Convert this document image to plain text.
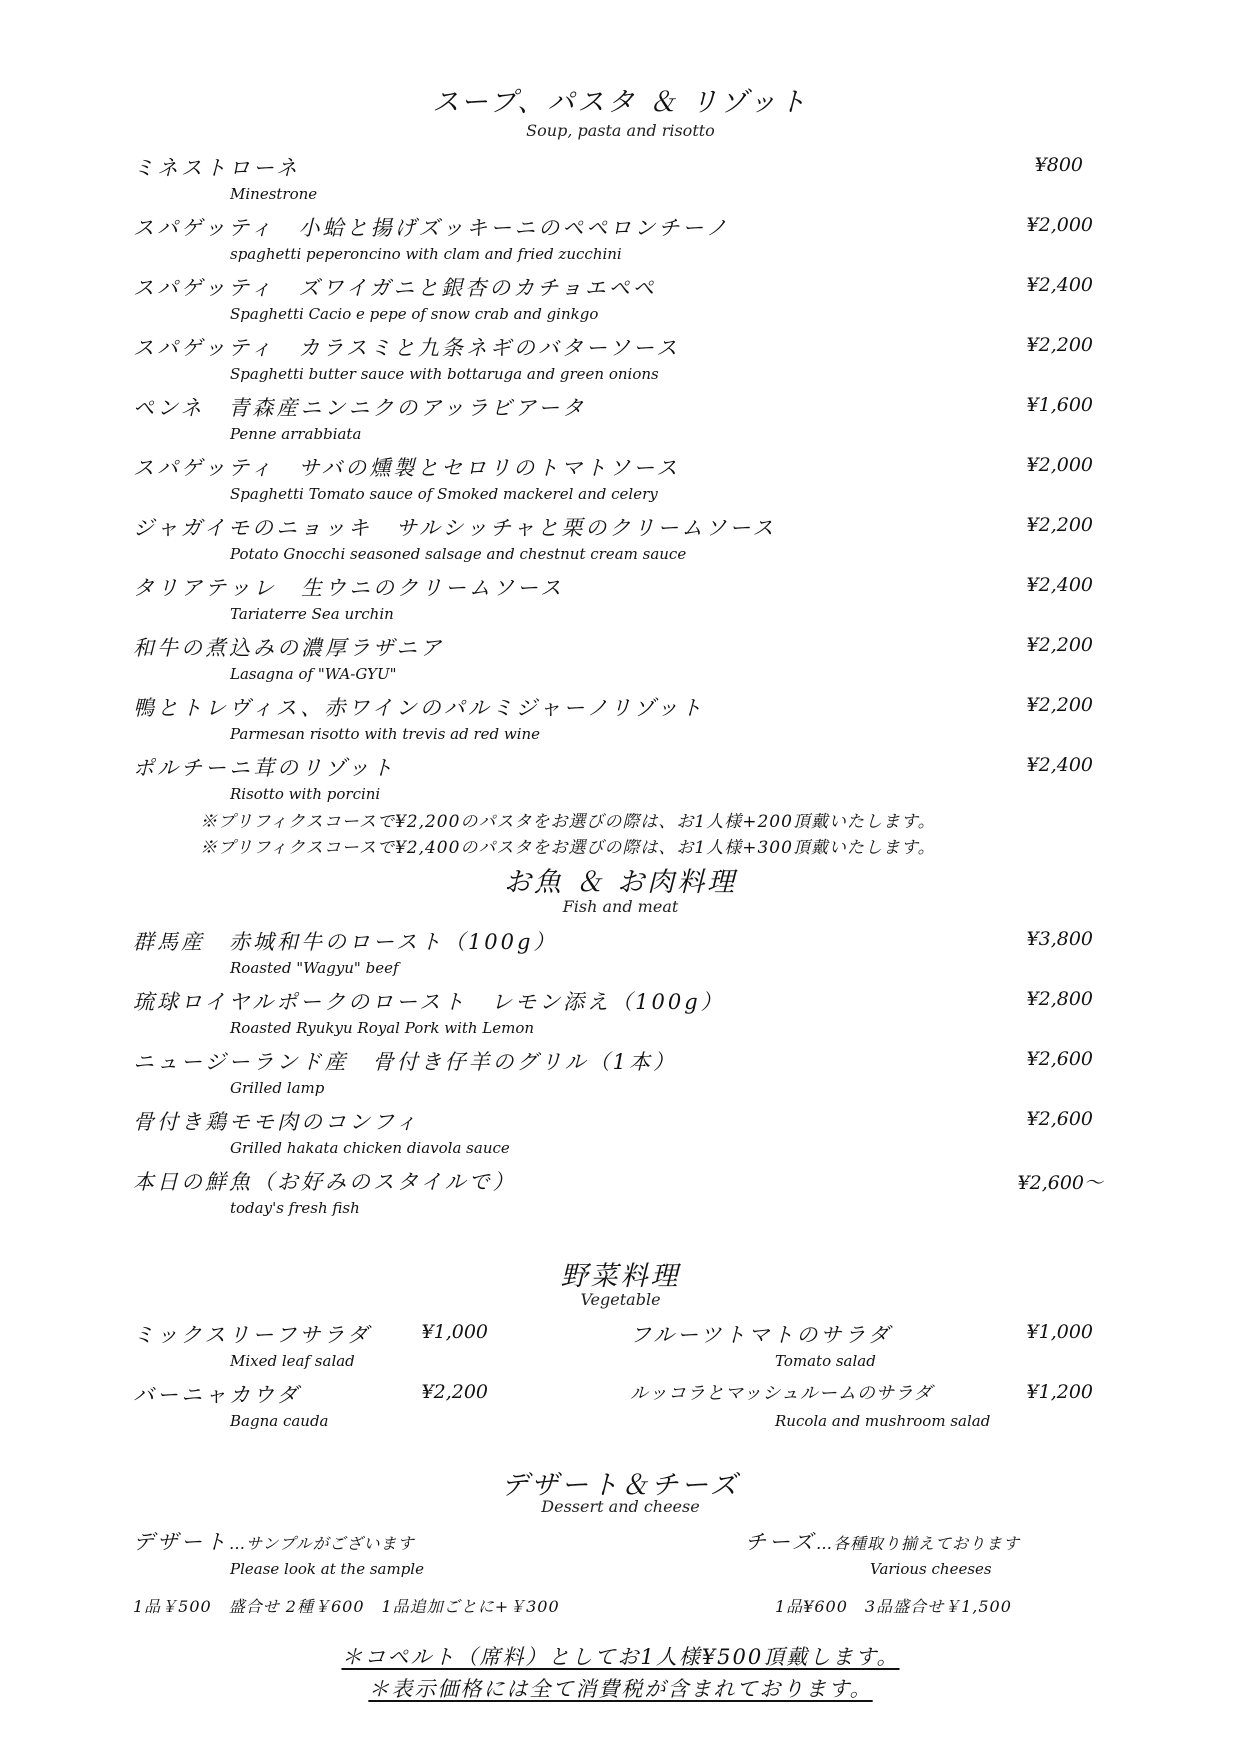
スープ、パスタ ＆ リゾット
Soup, pasta and risotto
ミネストローネ
Minestrone
¥800
スパゲッティ　小蛤と揚げズッキーニのペペロンチーノ
spaghetti peperoncino with clam and fried zucchini
¥2,000
スパゲッティ　ズワイガニと銀杏のカチョエペペ
Spaghetti Cacio e pepe of snow crab and ginkgo
¥2,400
スパゲッティ　カラスミと九条ネギのバターソース
Spaghetti butter sauce with bottaruga and green onions
¥2,200
ペンネ　青森産ニンニクのアッラビアータ
Penne arrabbiata
¥1,600
スパゲッティ　サバの燻製とセロリのトマトソース
Spaghetti Tomato sauce of Smoked mackerel and celery
¥2,000
ジャガイモのニョッキ　サルシッチャと栗のクリームソース
Potato Gnocchi seasoned salsage and chestnut cream sauce
¥2,200
タリアテッレ　生ウニのクリームソース
Tariaterre Sea urchin
¥2,400
和牛の煮込みの濃厚ラザニア
Lasagna of "WA-GYU"
¥2,200
鴨とトレヴィス、赤ワインのパルミジャーノリゾット
Parmesan risotto with trevis ad red wine
¥2,200
ポルチーニ茸のリゾット
Risotto with porcini
¥2,400
※プリフィクスコースで¥2,200のパスタをお選びの際は、お1人様+200頂戴いたします。
※プリフィクスコースで¥2,400のパスタをお選びの際は、お1人様+300頂戴いたします。
お魚 ＆ お肉料理
Fish and meat
群馬産　赤城和牛のロースト（100g）
Roasted "Wagyu" beef
¥3,800
琉球ロイヤルポークのロースト　レモン添え（100g）
Roasted Ryukyu Royal Pork with Lemon
¥2,800
ニュージーランド産　骨付き仔羊のグリル（1本）
Grilled lamp
¥2,600
骨付き鶏モモ肉のコンフィ
Grilled hakata chicken diavola sauce
¥2,600
本日の鮮魚（お好みのスタイルで）
today's fresh fish
¥2,600～
野菜料理
Vegetable
ミックスリーフサラダ
Mixed leaf salad
¥1,000	フルーツトマトのサラダ
Tomato salad
¥1,000
バーニャカウダ
Bagna cauda
¥2,200	ルッコラとマッシュルームのサラダ
Rucola and mushroom salad
¥1,200
デザート＆チーズ
Dessert and cheese
デザート…サンプルがございます
Please look at the sample
1品￥500　盛合せ 2種￥600　1品追加ごとに+￥300
チーズ…各種取り揃えております
Various cheeses
1品¥600　3品盛合せ￥1,500
＊コペルト（席料）としてお1人様¥500頂戴します。
＊表示価格には全て消費税が含まれております。
